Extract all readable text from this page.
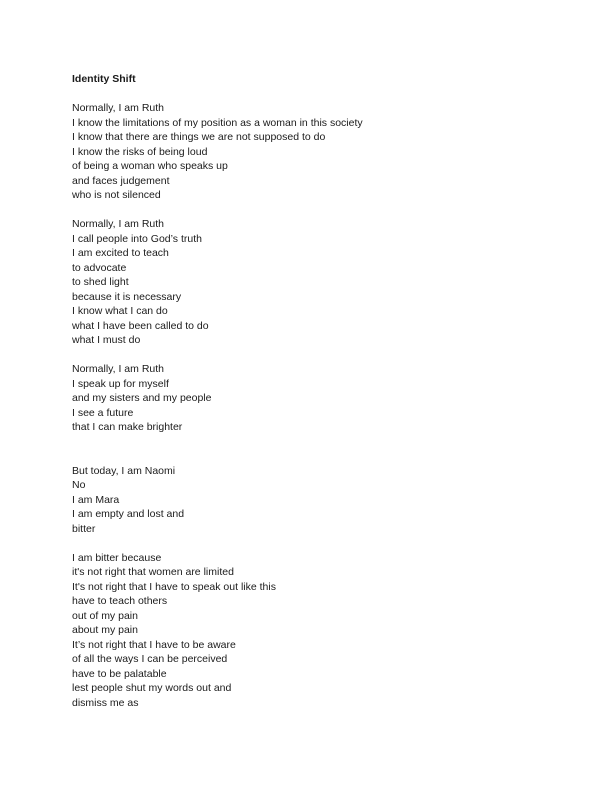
Identity Shift
Normally, I am Ruth
I know the limitations of my position as a woman in this society
I know that there are things we are not supposed to do
I know the risks of being loud
of being a woman who speaks up
and faces judgement
who is not silenced

Normally, I am Ruth
I call people into God’s truth
I am excited to teach
to advocate
to shed light
because it is necessary
I know what I can do
what I have been called to do
what I must do

Normally, I am Ruth
I speak up for myself
and my sisters and my people
I see a future
that I can make brighter

But today, I am Naomi
No
I am Mara
I am empty and lost and
bitter

I am bitter because
it's not right that women are limited
It's not right that I have to speak out like this
have to teach others
out of my pain
about my pain
It’s not right that I have to be aware
of all the ways I can be perceived
have to be palatable
lest people shut my words out and
dismiss me as
